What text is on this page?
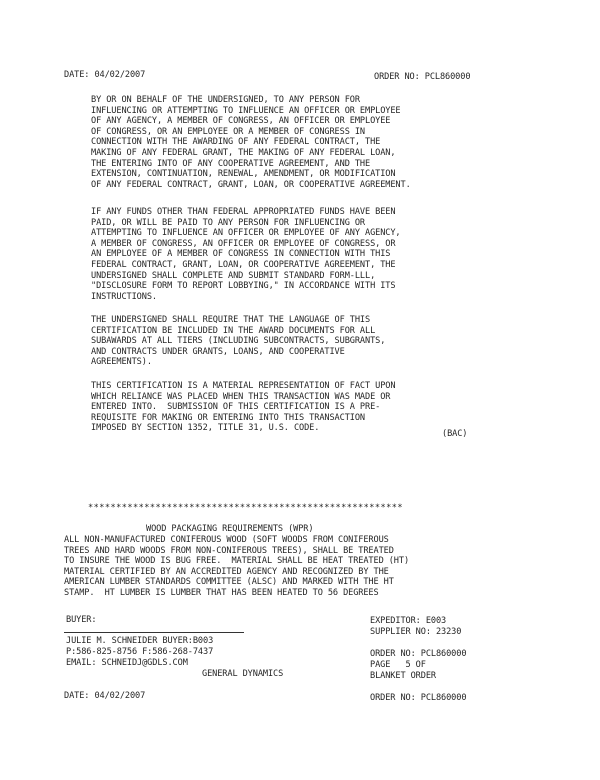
DATE: 04/02/2007	ORDER NO: PCL860000
BY OR ON BEHALF OF THE UNDERSIGNED, TO ANY PERSON FOR
INFLUENCING OR ATTEMPTING TO INFLUENCE AN OFFICER OR EMPLOYEE
OF ANY AGENCY, A MEMBER OF CONGRESS, AN OFFICER OR EMPLOYEE
OF CONGRESS, OR AN EMPLOYEE OR A MEMBER OF CONGRESS IN
CONNECTION WITH THE AWARDING OF ANY FEDERAL CONTRACT, THE
MAKING OF ANY FEDERAL GRANT, THE MAKING OF ANY FEDERAL LOAN,
THE ENTERING INTO OF ANY COOPERATIVE AGREEMENT, AND THE
EXTENSION, CONTINUATION, RENEWAL, AMENDMENT, OR MODIFICATION
OF ANY FEDERAL CONTRACT, GRANT, LOAN, OR COOPERATIVE AGREEMENT.
IF ANY FUNDS OTHER THAN FEDERAL APPROPRIATED FUNDS HAVE BEEN
PAID, OR WILL BE PAID TO ANY PERSON FOR INFLUENCING OR
ATTEMPTING TO INFLUENCE AN OFFICER OR EMPLOYEE OF ANY AGENCY,
A MEMBER OF CONGRESS, AN OFFICER OR EMPLOYEE OF CONGRESS, OR
AN EMPLOYEE OF A MEMBER OF CONGRESS IN CONNECTION WITH THIS
FEDERAL CONTRACT, GRANT, LOAN, OR COOPERATIVE AGREEMENT, THE
UNDERSIGNED SHALL COMPLETE AND SUBMIT STANDARD FORM-LLL,
"DISCLOSURE FORM TO REPORT LOBBYING," IN ACCORDANCE WITH ITS
INSTRUCTIONS.
THE UNDERSIGNED SHALL REQUIRE THAT THE LANGUAGE OF THIS
CERTIFICATION BE INCLUDED IN THE AWARD DOCUMENTS FOR ALL
SUBAWARDS AT ALL TIERS (INCLUDING SUBCONTRACTS, SUBGRANTS,
AND CONTRACTS UNDER GRANTS, LOANS, AND COOPERATIVE
AGREEMENTS).
THIS CERTIFICATION IS A MATERIAL REPRESENTATION OF FACT UPON
WHICH RELIANCE WAS PLACED WHEN THIS TRANSACTION WAS MADE OR
ENTERED INTO.  SUBMISSION OF THIS CERTIFICATION IS A PRE-
REQUISITE FOR MAKING OR ENTERING INTO THIS TRANSACTION
IMPOSED BY SECTION 1352, TITLE 31, U.S. CODE.
(BAC)
********************************************************
WOOD PACKAGING REQUIREMENTS (WPR)
ALL NON-MANUFACTURED CONIFEROUS WOOD (SOFT WOODS FROM CONIFEROUS
TREES AND HARD WOODS FROM NON-CONIFEROUS TREES), SHALL BE TREATED
TO INSURE THE WOOD IS BUG FREE.  MATERIAL SHALL BE HEAT TREATED (HT)
MATERIAL CERTIFIED BY AN ACCREDITED AGENCY AND RECOGNIZED BY THE
AMERICAN LUMBER STANDARDS COMMITTEE (ALSC) AND MARKED WITH THE HT
STAMP.  HT LUMBER IS LUMBER THAT HAS BEEN HEATED TO 56 DEGREES
BUYER:	EXPEDITOR: E003
SUPPLIER NO: 23230
JULIE M. SCHNEIDER BUYER:B003
P:586-825-8756 F:586-268-7437	ORDER NO: PCL860000
EMAIL: SCHNEIDJ@GDLS.COM	PAGE   5 OF
GENERAL DYNAMICS	BLANKET ORDER
DATE: 04/02/2007	ORDER NO: PCL860000
